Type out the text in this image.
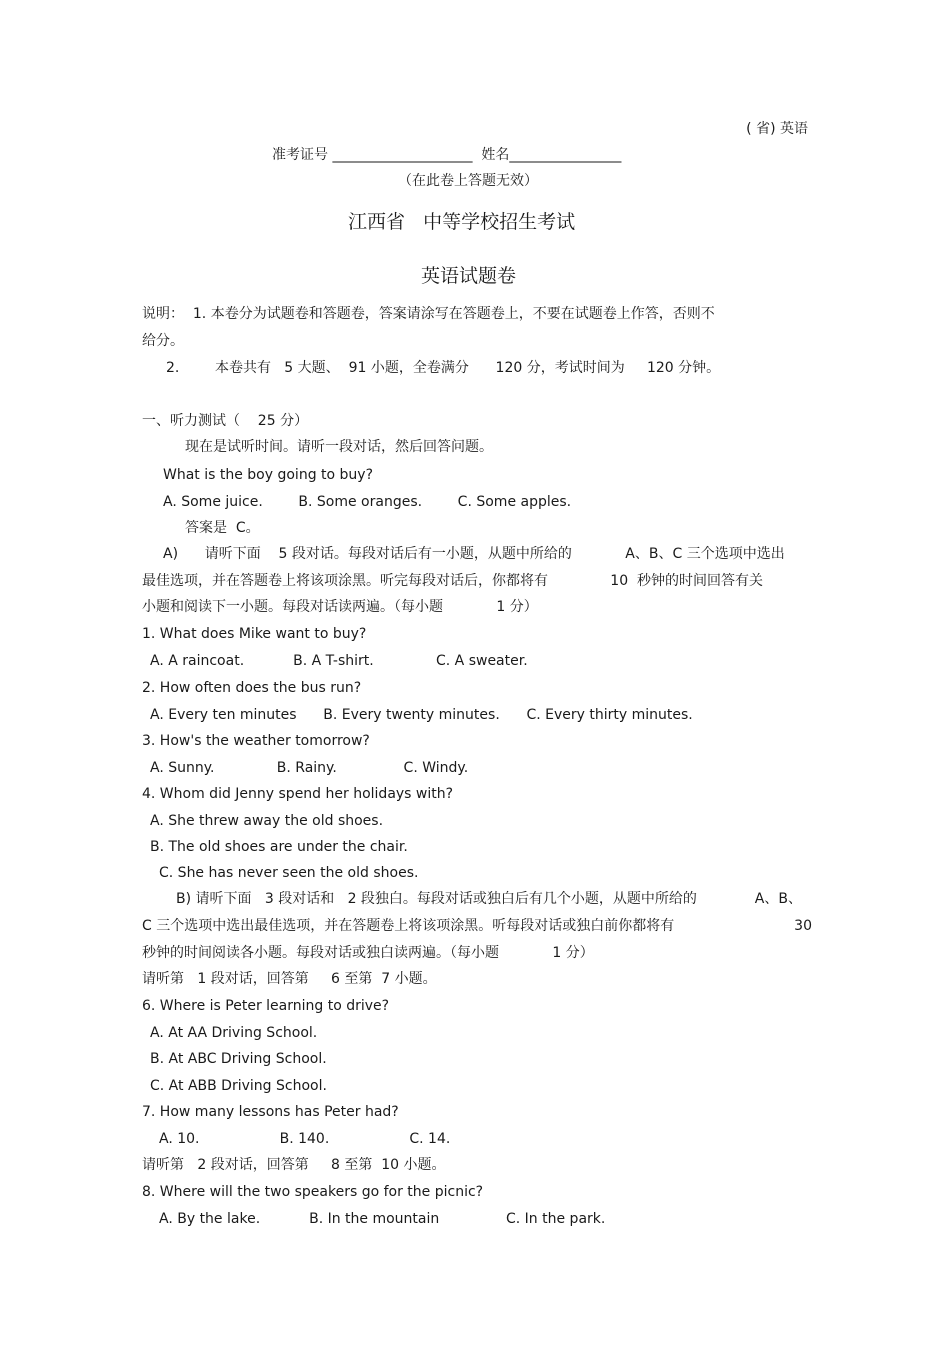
( 省) 英语
准考证号 ____________________  姓名________________
（在此卷上答题无效）
江西省   中等学校招生考试
英语试题卷
说明：  1. 本卷分为试题卷和答题卷，答案请涂写在答题卷上，不要在试题卷上作答，否则不
给分。
2.        本卷共有   5 大题、  91 小题，全卷满分      120 分，考试时间为     120 分钟。
一、听力测试（    25 分）
现在是试听时间。请听一段对话，然后回答问题。
What is the boy going to buy?
A. Some juice.        B. Some oranges.        C. Some apples.
答案是  C。
A)      请听下面    5 段对话。每段对话后有一小题，从题中所给的            A、B、C 三个选项中选出
最佳选项，并在答题卷上将该项涂黑。听完每段对话后，你都将有              10  秒钟的时间回答有关
小题和阅读下一小题。每段对话读两遍。（每小题            1 分）
1. What does Mike want to buy?
A. A raincoat.           B. A T-shirt.              C. A sweater.
2. How often does the bus run?
A. Every ten minutes      B. Every twenty minutes.      C. Every thirty minutes.
3. How's the weather tomorrow?
A. Sunny.              B. Rainy.               C. Windy.
4. Whom did Jenny spend her holidays with?
A. She threw away the old shoes.
B. The old shoes are under the chair.
C. She has never seen the old shoes.
B) 请听下面   3 段对话和   2 段独白。每段对话或独白后有几个小题，从题中所给的             A、B、
C 三个选项中选出最佳选项，并在答题卷上将该项涂黑。听每段对话或独白前你都将有	30
秒钟的时间阅读各小题。每段对话或独白读两遍。（每小题            1 分）
请听第   1 段对话，回答第     6 至第  7 小题。
6. Where is Peter learning to drive?
A. At AA Driving School.
B. At ABC Driving School.
C. At ABB Driving School.
7. How many lessons has Peter had?
A. 10.                  B. 140.                  C. 14.
请听第   2 段对话，回答第     8 至第  10 小题。
8. Where will the two speakers go for the picnic?
A. By the lake.           B. In the mountain               C. In the park.
